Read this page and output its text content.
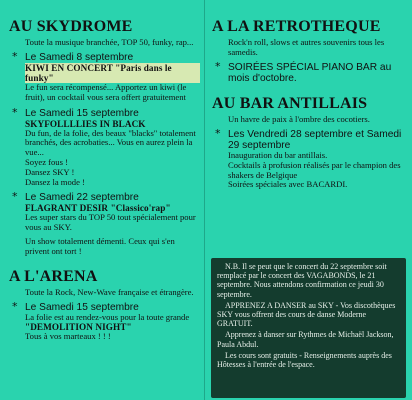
AU SKYDROME
Toute la musique branchée, TOP 50, funky, rap...
* Le Samedi 8 septembre
KIWI EN CONCERT "Paris dans le funky"

Le fun sera récompensé... Apportez un kiwi (le fruit), un cocktail vous sera offert gratuitement

* Le Samedi 15 septembre
SKYFOLLLLIES IN BLACK

Du fun, de la folie, des beaux "blacks" totalement branchés, des acrobaties... Vous en aurez plein la vue...

Soyez fous !

Dansez SKY !

Dansez la mode !

* Le Samedi 22 septembre
FLAGRANT DESIR "Classico'rap"

Les super stars du TOP 50 tout spécialement pour vous au SKY.

Un show totalement démenti. Ceux qui s'en privent ont tort !

A L'ARENA
Toute la Rock, New-Wave française et étrangère.
* Le Samedi 15 septembre

La folie est au rendez-vous pour la toute grande

"DEMOLITION NIGHT"

Tous à vos marteaux ! ! !

A LA RETROTHEQUE
Rock'n roll, slows et autres souvenirs tous les samedis.
* SOIRÉES SPÉCIAL PIANO BAR au mois d'octobre.
AU BAR ANTILLAIS
Un havre de paix à l'ombre des cocotiers.
* Les Vendredi 28 septembre et Samedi 29 septembre

Inauguration du bar antillais.

Cocktails à profusion réalisés par le champion des shakers de Belgique

Soirées spéciales avec BACARDI.

N.B. Il se peut que le concert du 22 septembre soit remplacé par le concert des VAGABONDS, le 21 septembre. Nous attendons confirmation ce jeudi 30 septembre.

APPRENEZ A DANSER au SKY - Vos discothèques SKY vous offrent des cours de danse Moderne GRATUIT.

Apprenez à danser sur Rythmes de Michaël Jackson, Paula Abdul.

Les cours sont gratuits - Renseignements auprès des Hôtesses à l'entrée de l'espace.
